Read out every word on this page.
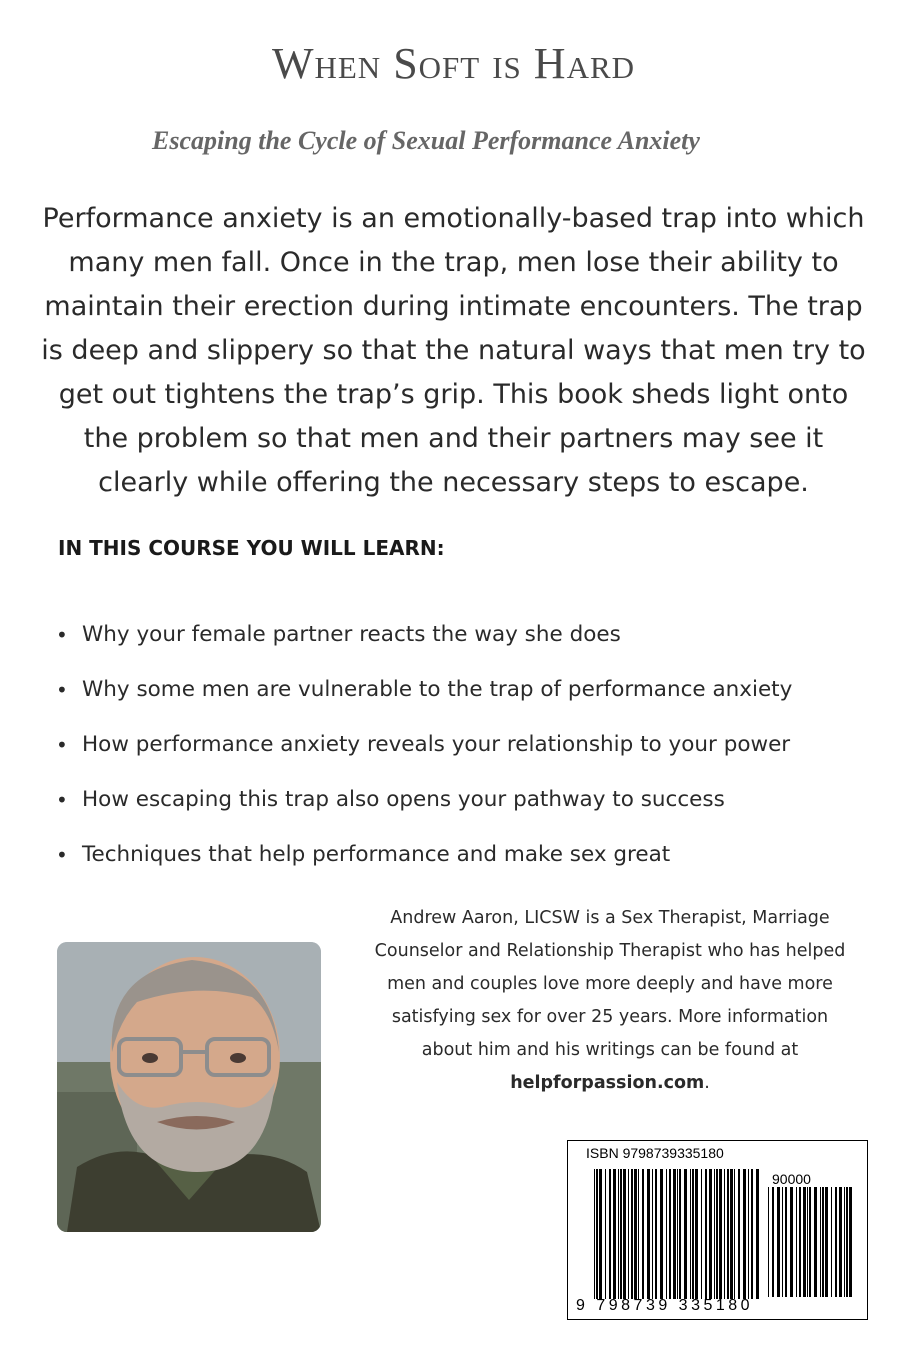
When Soft is Hard
Escaping the Cycle of Sexual Performance Anxiety

Performance anxiety is an emotionally-based trap into which many men fall. Once in the trap, men lose their ability to maintain their erection during intimate encounters. The trap is deep and slippery so that the natural ways that men try to get out tightens the trap’s grip. This book sheds light onto the problem so that men and their partners may see it clearly while offering the necessary steps to escape.

IN THIS COURSE YOU WILL LEARN:
• Why your female partner reacts the way she does
• Why some men are vulnerable to the trap of performance anxiety
• How performance anxiety reveals your relationship to your power
• How escaping this trap also opens your pathway to success
• Techniques that help performance and make sex great

Andrew Aaron, LICSW is a Sex Therapist, Marriage Counselor and Relationship Therapist who has helped men and couples love more deeply and have more satisfying sex for over 25 years. More information about him and his writings can be found at helpforpassion.com.

ISBN 9798739335180
90000
9 798739 335180
